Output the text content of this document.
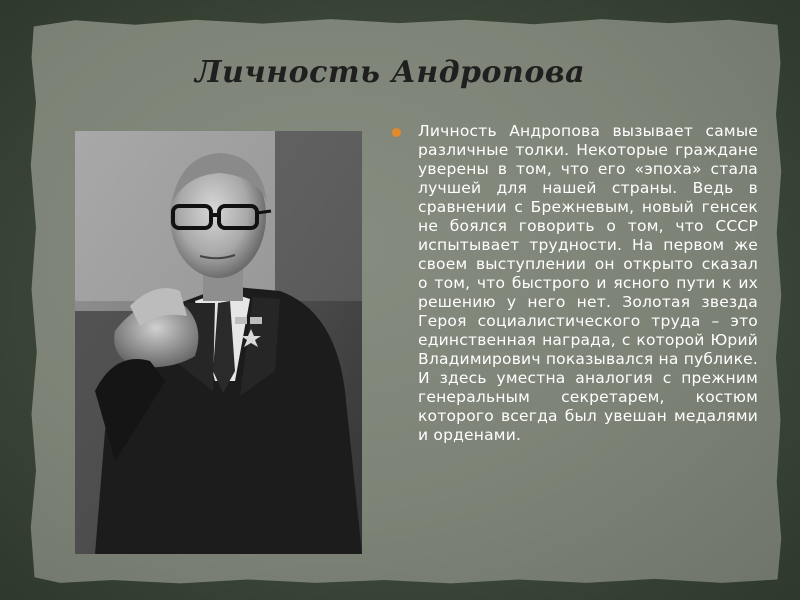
Личность Андропова

Личность Андропова вызывает самые различные толки. Некоторые граждане уверены в том, что его «эпоха» стала лучшей для нашей страны. Ведь в сравнении с Брежневым, новый генсек не боялся говорить о том, что СССР испытывает трудности. На первом же своем выступлении он открыто сказал о том, что быстрого и ясного пути к их решению у него нет. Золотая звезда Героя социалистического труда – это единственная награда, с которой Юрий Владимирович показывался на публике. И здесь уместна аналогия с прежним генеральным секретарем, костюм которого всегда был увешан медалями и орденами.
